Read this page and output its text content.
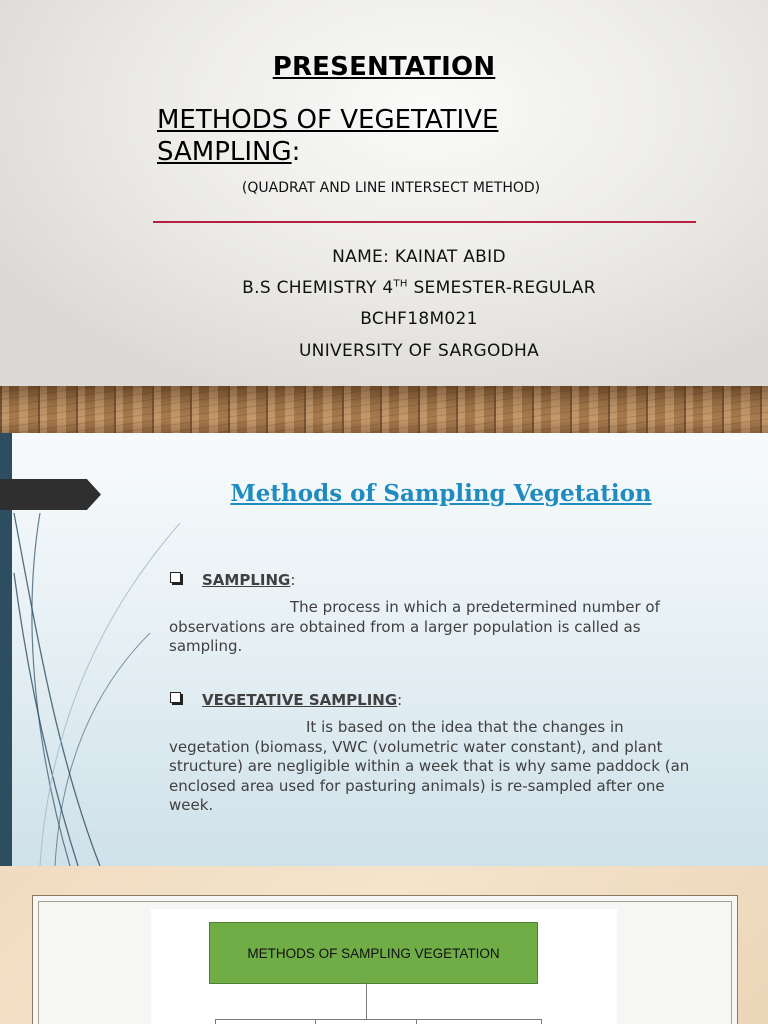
PRESENTATION
METHODS OF VEGETATIVE SAMPLING:
(QUADRAT AND LINE INTERSECT METHOD)
NAME: KAINAT ABID
B.S CHEMISTRY 4TH SEMESTER-REGULAR
BCHF18M021
UNIVERSITY OF SARGODHA
Methods of Sampling Vegetation
SAMPLING:
The process in which a predetermined number of observations are obtained from a larger population is called as sampling.
VEGETATIVE SAMPLING:
It is based on the idea that the changes in vegetation (biomass, VWC (volumetric water constant), and plant structure) are negligible within a week that is why same paddock (an enclosed area used for pasturing animals) is re-sampled after one week.
METHODS OF SAMPLING VEGETATION
